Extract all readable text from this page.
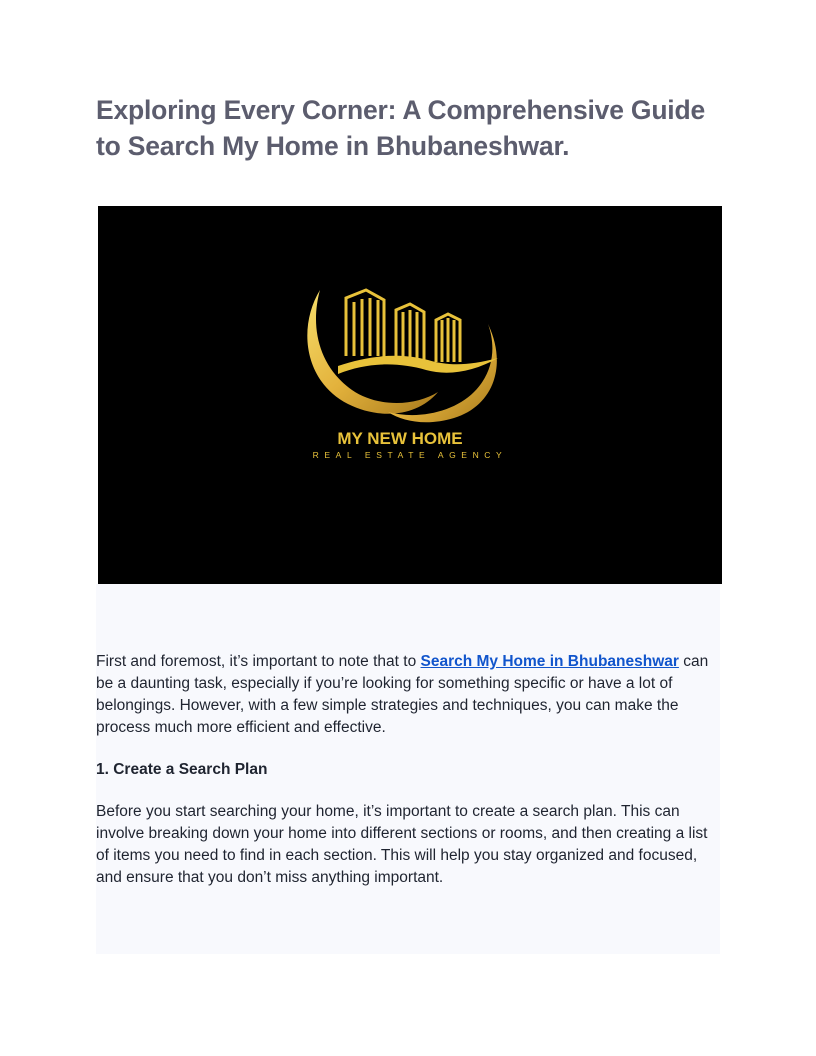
Exploring Every Corner: A Comprehensive Guide to Search My Home in Bhubaneshwar.
MY NEW HOME
REAL ESTATE AGENCY

First and foremost, it’s important to note that to Search My Home in Bhubaneshwar can be a daunting task, especially if you’re looking for something specific or have a lot of belongings. However, with a few simple strategies and techniques, you can make the process much more efficient and effective.

1. Create a Search Plan

Before you start searching your home, it’s important to create a search plan. This can involve breaking down your home into different sections or rooms, and then creating a list of items you need to find in each section. This will help you stay organized and focused, and ensure that you don’t miss anything important.
